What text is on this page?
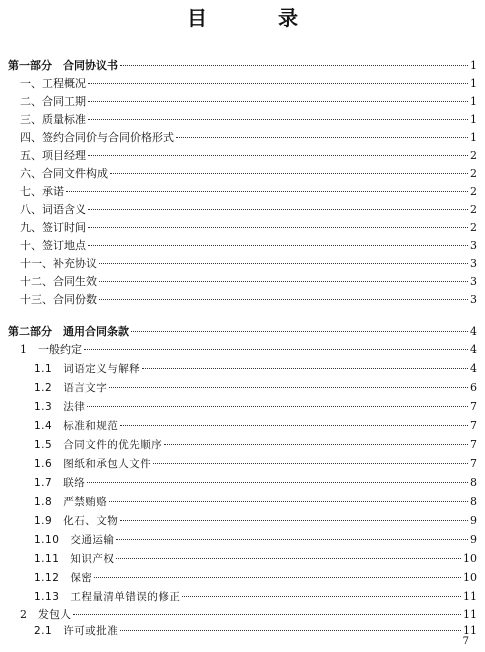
目 录
第一部分　合同协议书	1
一、工程概况	1
二、合同工期	1
三、质量标准	1
四、签约合同价与合同价格形式	1
五、项目经理	2
六、合同文件构成	2
七、承诺	2
八、词语含义	2
九、签订时间	2
十、签订地点	3
十一、补充协议	3
十二、合同生效	3
十三、合同份数	3
第二部分　通用合同条款	4
1　一般约定	4
1.1　词语定义与解释	4
1.2　语言文字	6
1.3　法律	7
1.4　标准和规范	7
1.5　合同文件的优先顺序	7
1.6　图纸和承包人文件	7
1.7　联络	8
1.8　严禁贿赂	8
1.9　化石、文物	9
1.10　交通运输	9
1.11　知识产权	10
1.12　保密	10
1.13　工程量清单错误的修正	11
2　发包人	11
2.1　许可或批准	11
7
